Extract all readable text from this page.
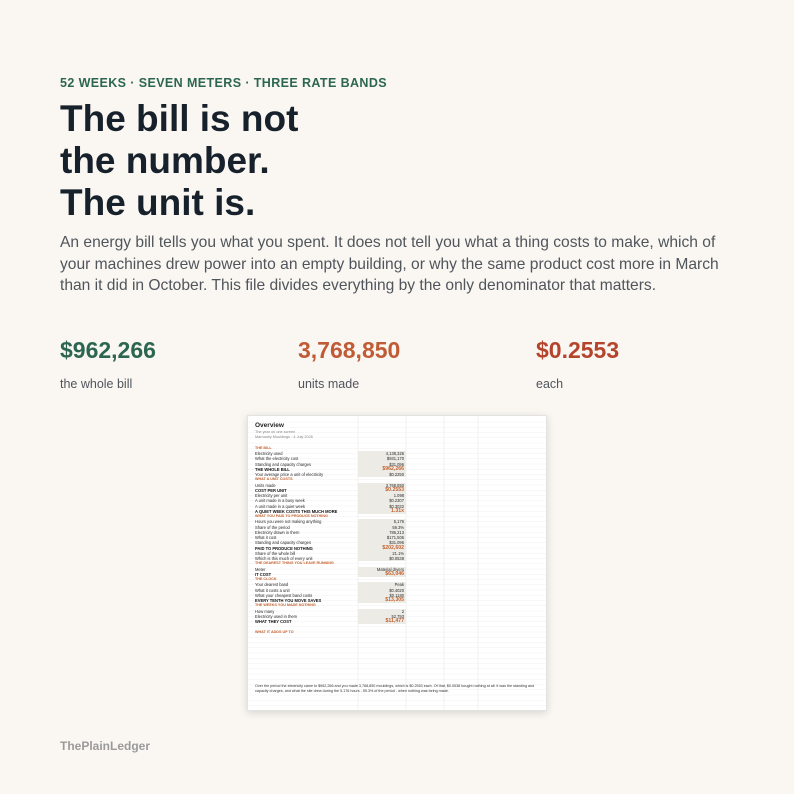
52 WEEKS · SEVEN METERS · THREE RATE BANDS
The bill is not
the number.
The unit is.

An energy bill tells you what you spent. It does not tell you what a thing costs to make, which of your machines drew power into an empty building, or why the same product cost more in March than it did in October. This file divides everything by the only denominator that matters.

$962,266
the whole bill
3,768,850
units made
$0.2553
each
Over the period the electricity came to $962,266 and you made 3,768,850 mouldings, which is $0.2553 each. Of that, $0.0538 bought nothing at all: it was the standing and capacity charges, and what the site drew during the 5,176 hours - 59.3% of the period - when nothing was being made.
Overview
The year on one screen
Marrowby Mouldings · 4 July 2026
THE BILL
Electricity used	4,138,326
What the electricity cost	$931,170
Standing and capacity charges	$31,096
THE WHOLE BILL	$962,266
Your average price a unit of electricity	$0.2250
WHAT A UNIT COSTS
Units made	3,768,850
COST PER UNIT	$0.2553
Electricity per unit	1.098
A unit made in a busy week	$0.2307
A unit made in a quiet week	$0.3032
A QUIET WEEK COSTS THIS MUCH MORE	1.31x
WHAT YOU PAID TO PRODUCE NOTHING
Hours you were not making anything	5,176
Share of the period	59.3%
Electricity drawn in them	786,213
What it cost	$171,506
Standing and capacity charges	$31,096
PAID TO PRODUCE NOTHING	$202,602
Share of the whole bill	21.1%
Which is this much of every unit	$0.0538
THE DEAREST THING YOU LEAVE RUNNING
Meter	Material dryers
IT COST	$63,046
THE CLOCK
Your dearest band	Peak
What it costs a unit	$0.4020
What your cheapest band costs	$0.1180
EVERY TENTH YOU MOVE SAVES	$13,305
THE WEEKS YOU MADE NOTHING
How many	2
Electricity used in them	52,793
WHAT THEY COST	$11,477
WHAT IT ADDS UP TO
ThePlainLedger
